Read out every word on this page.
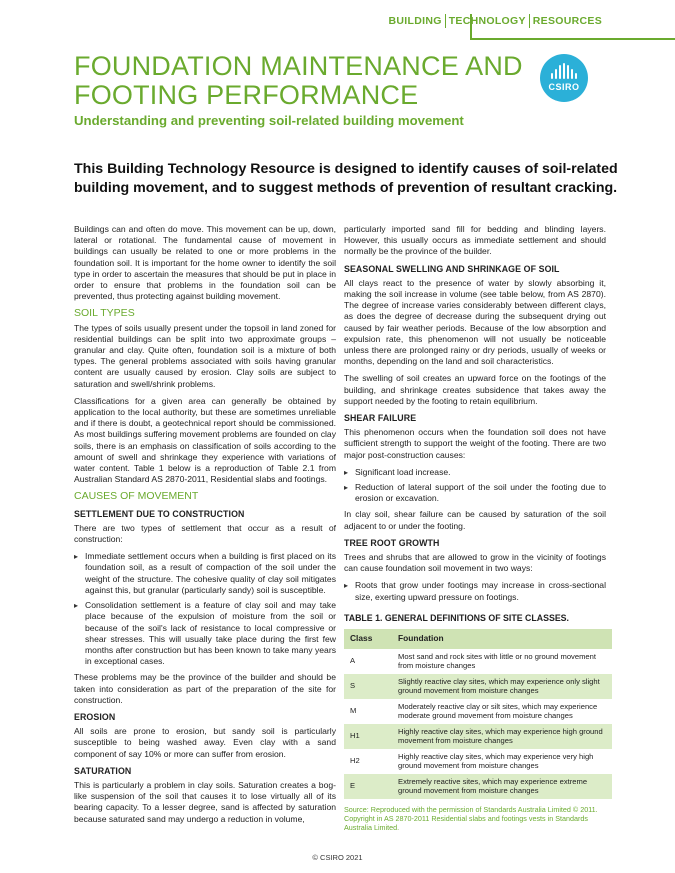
BUILDING TECHNOLOGY RESOURCES
FOUNDATION MAINTENANCE AND FOOTING PERFORMANCE
Understanding and preventing soil-related building movement
CSIRO
This Building Technology Resource is designed to identify causes of soil-related building movement, and to suggest methods of prevention of resultant cracking.

Buildings can and often do move. This movement can be up, down, lateral or rotational. The fundamental cause of movement in buildings can usually be related to one or more problems in the foundation soil. It is important for the home owner to identify the soil type in order to ascertain the measures that should be put in place in order to ensure that problems in the foundation soil can be prevented, thus protecting against building movement.

SOIL TYPES

The types of soils usually present under the topsoil in land zoned for residential buildings can be split into two approximate groups – granular and clay. Quite often, foundation soil is a mixture of both types. The general problems associated with soils having granular content are usually caused by erosion. Clay soils are subject to saturation and swell/shrink problems.

Classifications for a given area can generally be obtained by application to the local authority, but these are sometimes unreliable and if there is doubt, a geotechnical report should be commissioned. As most buildings suffering movement problems are founded on clay soils, there is an emphasis on classification of soils according to the amount of swell and shrinkage they experience with variations of water content. Table 1 below is a reproduction of Table 2.1 from Australian Standard AS 2870-2011, Residential slabs and footings.

CAUSES OF MOVEMENT
SETTLEMENT DUE TO CONSTRUCTION

There are two types of settlement that occur as a result of construction:

▸ Immediate settlement occurs when a building is first placed on its foundation soil, as a result of compaction of the soil under the weight of the structure. The cohesive quality of clay soil mitigates against this, but granular (particularly sandy) soil is susceptible.
▸ Consolidation settlement is a feature of clay soil and may take place because of the expulsion of moisture from the soil or because of the soil's lack of resistance to local compressive or shear stresses. This will usually take place during the first few months after construction but has been known to take many years in exceptional cases.

These problems may be the province of the builder and should be taken into consideration as part of the preparation of the site for construction.

EROSION

All soils are prone to erosion, but sandy soil is particularly susceptible to being washed away. Even clay with a sand component of say 10% or more can suffer from erosion.

SATURATION

This is particularly a problem in clay soils. Saturation creates a bog-like suspension of the soil that causes it to lose virtually all of its bearing capacity. To a lesser degree, sand is affected by saturation because saturated sand may undergo a reduction in volume,

particularly imported sand fill for bedding and blinding layers. However, this usually occurs as immediate settlement and should normally be the province of the builder.

SEASONAL SWELLING AND SHRINKAGE OF SOIL

All clays react to the presence of water by slowly absorbing it, making the soil increase in volume (see table below, from AS 2870). The degree of increase varies considerably between different clays, as does the degree of decrease during the subsequent drying out caused by fair weather periods. Because of the low absorption and expulsion rate, this phenomenon will not usually be noticeable unless there are prolonged rainy or dry periods, usually of weeks or months, depending on the land and soil characteristics.

The swelling of soil creates an upward force on the footings of the building, and shrinkage creates subsidence that takes away the support needed by the footing to retain equilibrium.

SHEAR FAILURE

This phenomenon occurs when the foundation soil does not have sufficient strength to support the weight of the footing. There are two major post-construction causes:

▸ Significant load increase.
▸ Reduction of lateral support of the soil under the footing due to erosion or excavation.

In clay soil, shear failure can be caused by saturation of the soil adjacent to or under the footing.

TREE ROOT GROWTH

Trees and shrubs that are allowed to grow in the vicinity of footings can cause foundation soil movement in two ways:

▸ Roots that grow under footings may increase in cross-sectional size, exerting upward pressure on footings.
TABLE 1. GENERAL DEFINITIONS OF SITE CLASSES.
Class	Foundation
A	Most sand and rock sites with little or no ground movement from moisture changes
S	Slightly reactive clay sites, which may experience only slight ground movement from moisture changes
M	Moderately reactive clay or silt sites, which may experience moderate ground movement from moisture changes
H1	Highly reactive clay sites, which may experience high ground movement from moisture changes
H2	Highly reactive clay sites, which may experience very high ground movement from moisture changes
E	Extremely reactive sites, which may experience extreme ground movement from moisture changes
Source: Reproduced with the permission of Standards Australia Limited © 2011. Copyright in AS 2870-2011 Residential slabs and footings vests in Standards Australia Limited.
© CSIRO 2021
